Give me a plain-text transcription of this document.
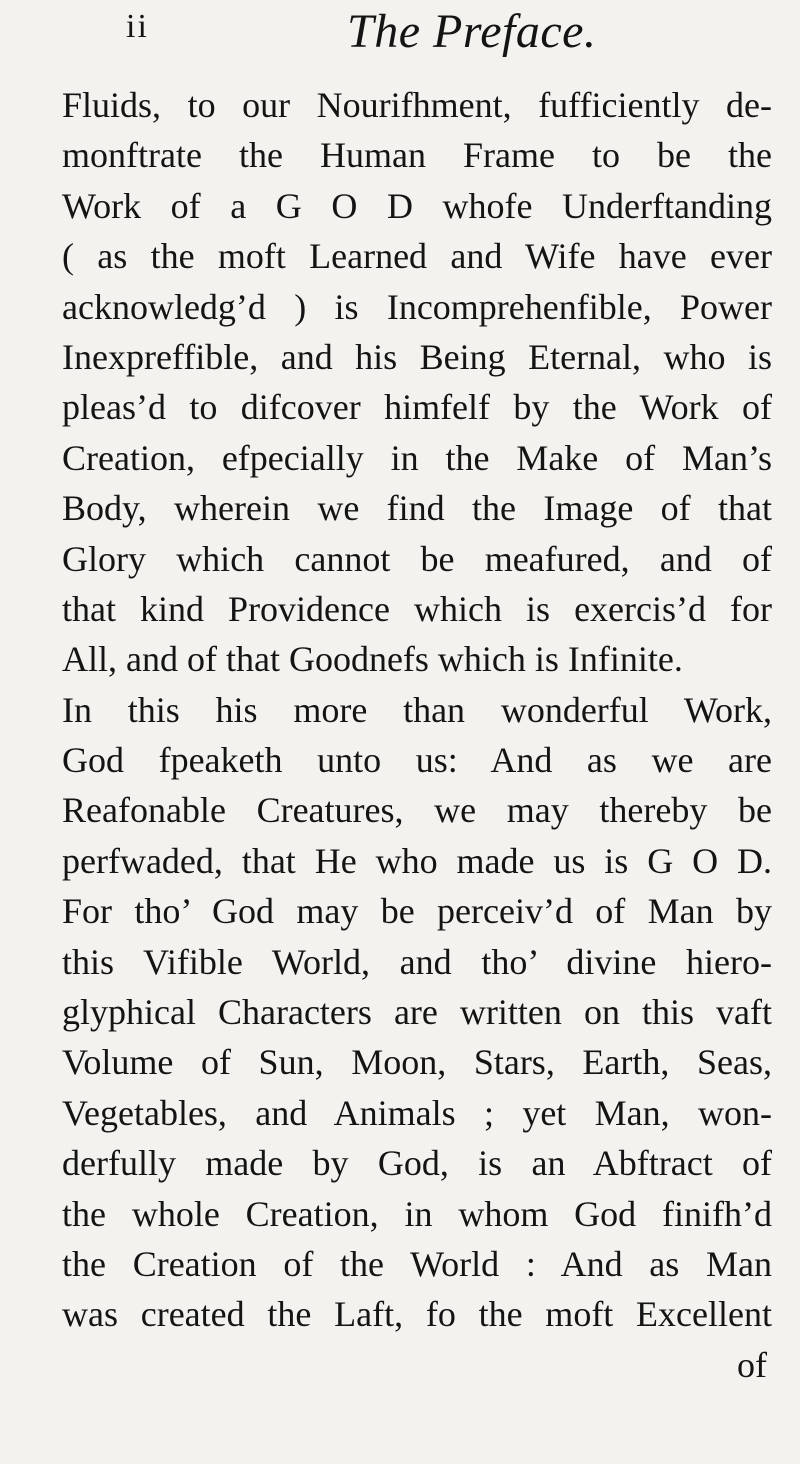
ii	The Preface.
Fluids, to our Nourifhment, fufficiently de-
monftrate the Human Frame to be the
Work of a G O D whofe Underftanding
( as the moft Learned and Wife have ever
acknowledg’d ) is Incomprehenfible, Power
Inexpreffible, and his Being Eternal, who is
pleas’d to difcover himfelf by the Work of
Creation, efpecially in the Make of Man’s
Body, wherein we find the Image of that
Glory which cannot be meafured, and of
that kind Providence which is exercis’d for
All, and of that Goodnefs which is Infinite.
In this his more than wonderful Work,
God fpeaketh unto us: And as we are
Reafonable Creatures, we may thereby be
perfwaded, that He who made us is G O D.
For tho’ God may be perceiv’d of Man by
this Vifible World, and tho’ divine hiero-
glyphical Characters are written on this vaft
Volume of Sun, Moon, Stars, Earth, Seas,
Vegetables, and Animals ; yet Man, won-
derfully made by God, is an Abftract of
the whole Creation, in whom God finifh’d
the Creation of the World : And as Man
was created the Laft, fo the moft Excellent
of
